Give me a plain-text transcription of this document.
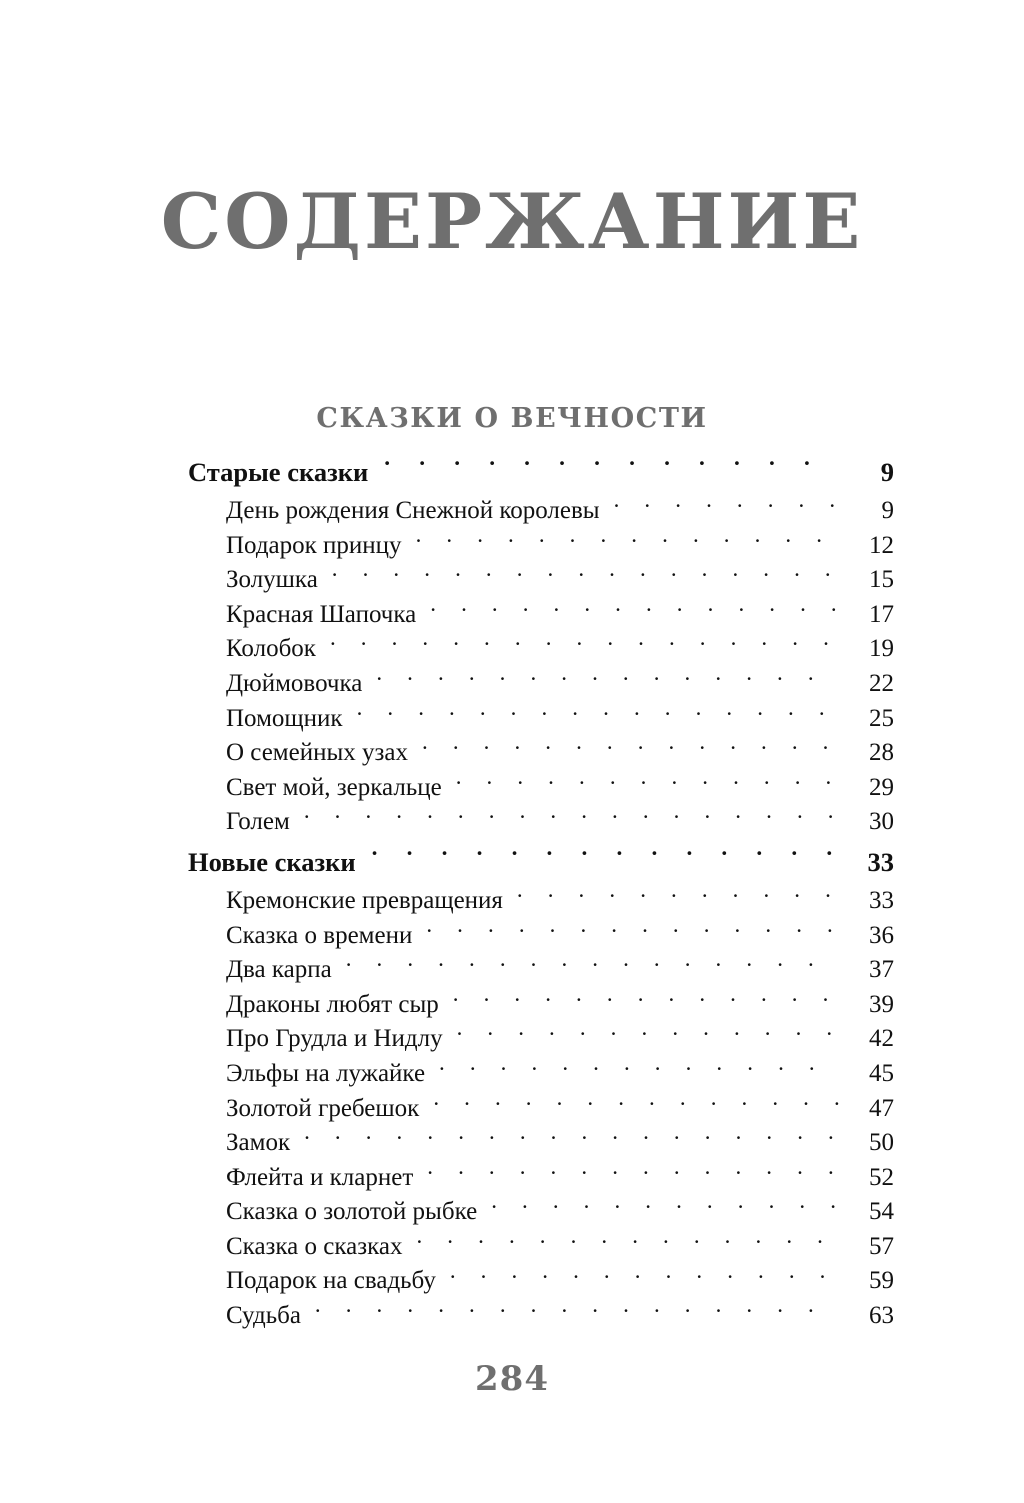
СОДЕРЖАНИЕ
СКАЗКИ О ВЕЧНОСТИ
Старые сказки . . .	9
День рождения Снежной королевы . . .	9
Подарок принцу . . .	12
Золушка . . .	15
Красная Шапочка . . .	17
Колобок . . .	19
Дюймовочка . . .	22
Помощник . . .	25
О семейных узах . . .	28
Свет мой, зеркальце . . .	29
Голем . . .	30
Новые сказки . . .	33
Кремонские превращения . . .	33
Сказка о времени . . .	36
Два карпа . . .	37
Драконы любят сыр . . .	39
Про Грудла и Нидлу . . .	42
Эльфы на лужайке . . .	45
Золотой гребешок . . .	47
Замок . . .	50
Флейта и кларнет . . .	52
Сказка о золотой рыбке . . .	54
Сказка о сказках . . .	57
Подарок на свадьбу . . .	59
Судьба . . .	63
284
